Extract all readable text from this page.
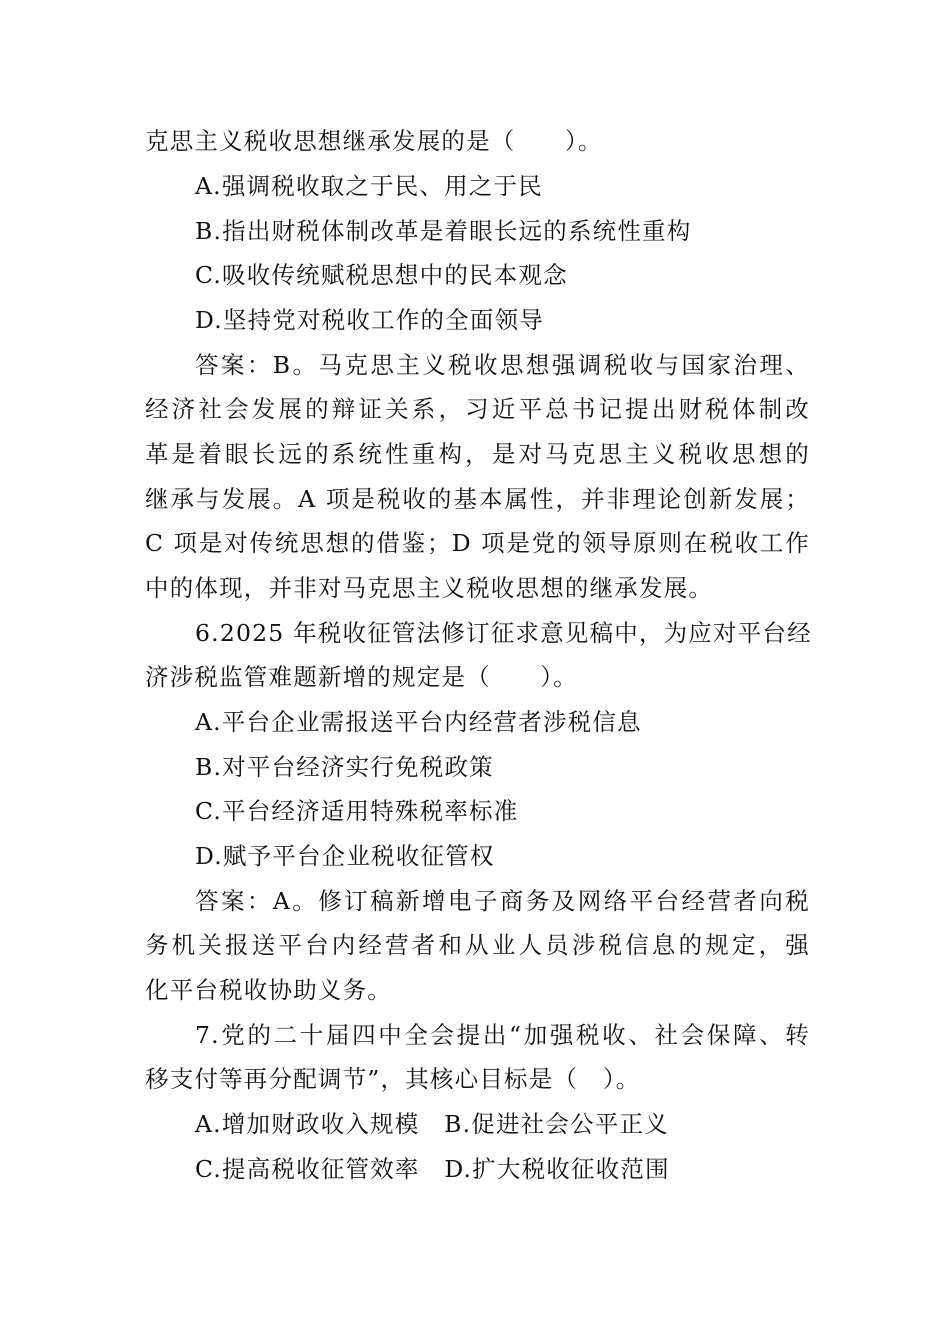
克思主义税收思想继承发展的是（　　）。
A.强调税收取之于民、用之于民
B.指出财税体制改革是着眼长远的系统性重构
C.吸收传统赋税思想中的民本观念
D.坚持党对税收工作的全面领导
答案：B。马克思主义税收思想强调税收与国家治理、
经济社会发展的辩证关系，习近平总书记提出财税体制改
革是着眼长远的系统性重构，是对马克思主义税收思想的
继承与发展。A 项是税收的基本属性，并非理论创新发展；
C 项是对传统思想的借鉴；D 项是党的领导原则在税收工作
中的体现，并非对马克思主义税收思想的继承发展。
6.2025 年税收征管法修订征求意见稿中，为应对平台经
济涉税监管难题新增的规定是（　　）。
A.平台企业需报送平台内经营者涉税信息
B.对平台经济实行免税政策
C.平台经济适用特殊税率标准
D.赋予平台企业税收征管权
答案：A。修订稿新增电子商务及网络平台经营者向税
务机关报送平台内经营者和从业人员涉税信息的规定，强
化平台税收协助义务。
7.党的二十届四中全会提出“加强税收、社会保障、转
移支付等再分配调节”，其核心目标是（　）。
A.增加财政收入规模　B.促进社会公平正义
C.提高税收征管效率　D.扩大税收征收范围
